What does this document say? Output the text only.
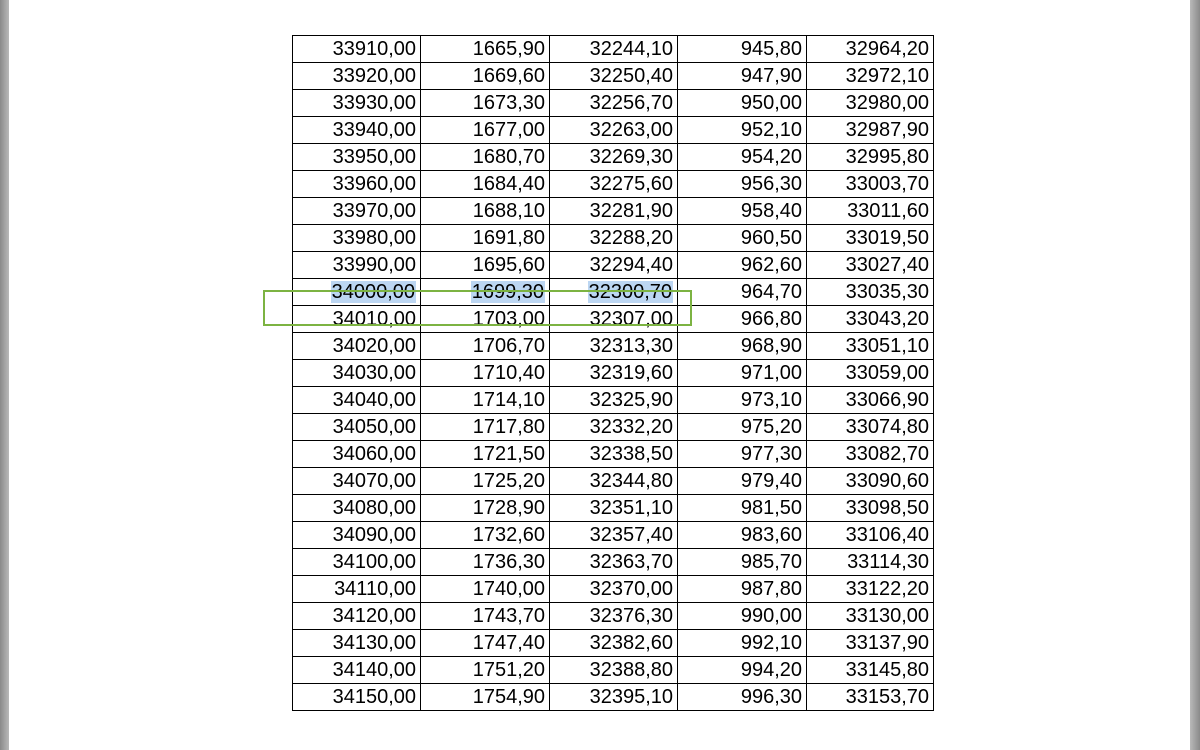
33910,00	1665,90	32244,10	945,80	32964,20
33920,00	1669,60	32250,40	947,90	32972,10
33930,00	1673,30	32256,70	950,00	32980,00
33940,00	1677,00	32263,00	952,10	32987,90
33950,00	1680,70	32269,30	954,20	32995,80
33960,00	1684,40	32275,60	956,30	33003,70
33970,00	1688,10	32281,90	958,40	33011,60
33980,00	1691,80	32288,20	960,50	33019,50
33990,00	1695,60	32294,40	962,60	33027,40
34000,00	1699,30	32300,70	964,70	33035,30
34010,00	1703,00	32307,00	966,80	33043,20
34020,00	1706,70	32313,30	968,90	33051,10
34030,00	1710,40	32319,60	971,00	33059,00
34040,00	1714,10	32325,90	973,10	33066,90
34050,00	1717,80	32332,20	975,20	33074,80
34060,00	1721,50	32338,50	977,30	33082,70
34070,00	1725,20	32344,80	979,40	33090,60
34080,00	1728,90	32351,10	981,50	33098,50
34090,00	1732,60	32357,40	983,60	33106,40
34100,00	1736,30	32363,70	985,70	33114,30
34110,00	1740,00	32370,00	987,80	33122,20
34120,00	1743,70	32376,30	990,00	33130,00
34130,00	1747,40	32382,60	992,10	33137,90
34140,00	1751,20	32388,80	994,20	33145,80
34150,00	1754,90	32395,10	996,30	33153,70
